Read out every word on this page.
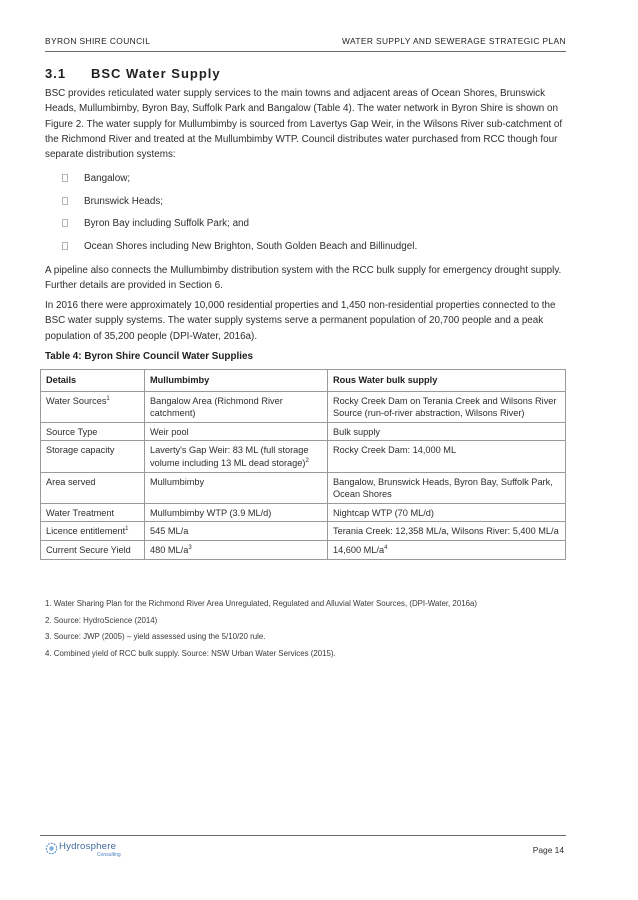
BYRON SHIRE COUNCIL	WATER SUPPLY AND SEWERAGE STRATEGIC PLAN
3.1 BSC Water Supply

BSC provides reticulated water supply services to the main towns and adjacent areas of Ocean Shores, Brunswick Heads, Mullumbimby, Byron Bay, Suffolk Park and Bangalow (Table 4). The water network in Byron Shire is shown on Figure 2. The water supply for Mullumbimby is sourced from Lavertys Gap Weir, in the Wilsons River sub-catchment of the Richmond River and treated at the Mullumbimby WTP. Council distributes water purchased from RCC though four separate distribution systems:

Bangalow;
Brunswick Heads;
Byron Bay including Suffolk Park; and
Ocean Shores including New Brighton, South Golden Beach and Billinudgel.

A pipeline also connects the Mullumbimby distribution system with the RCC bulk supply for emergency drought supply. Further details are provided in Section 6.

In 2016 there were approximately 10,000 residential properties and 1,450 non-residential properties connected to the BSC water supply systems. The water supply systems serve a permanent population of 20,700 people and a peak population of 35,200 people (DPI-Water, 2016a).

Table 4: Byron Shire Council Water Supplies
Details	Mullumbimby	Rous Water bulk supply
Water Sources$^1$	Bangalow Area (Richmond River catchment)	Rocky Creek Dam on Terania Creek and Wilsons River Source (run-of-river abstraction, Wilsons River)
Source Type	Weir pool	Bulk supply
Storage capacity	Laverty's Gap Weir: 83 ML (full storage volume including 13 ML dead storage)$^2$	Rocky Creek Dam: 14,000 ML
Area served	Mullumbimby	Bangalow, Brunswick Heads, Byron Bay, Suffolk Park, Ocean Shores
Water Treatment	Mullumbimby WTP (3.9 ML/d)	Nightcap WTP (70 ML/d)
Licence entitlement$^1$	545 ML/a	Terania Creek: 12,358 ML/a, Wilsons River: 5,400 ML/a
Current Secure Yield	480 $ML/a^3$	14,600 $ML/a^4$
1. Water Sharing Plan for the Richmond River Area Unregulated, Regulated and Alluvial Water Sources, (DPI-Water, 2016a)
2. Source: HydroScience (2014)
3. Source: JWP (2005) – yield assessed using the 5/10/20 rule.
4. Combined yield of RCC bulk supply. Source: NSW Urban Water Services (2015).
Hydrosphere
Consulting	Page 14
